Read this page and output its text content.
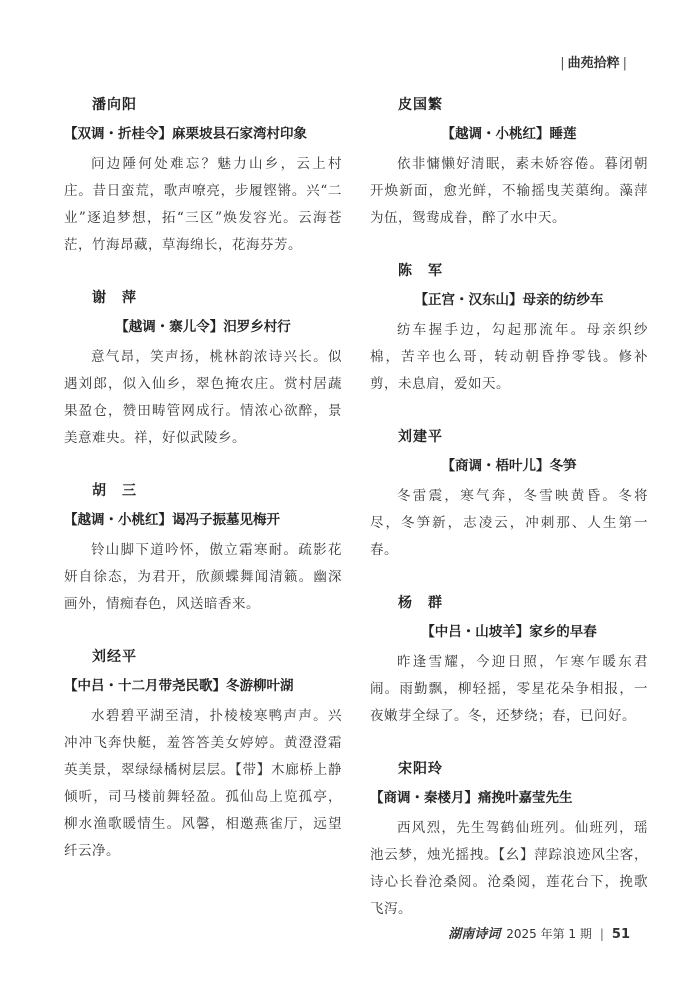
| 曲苑拾粹 |
潘向阳
【双调・折桂令】麻栗坡县石家湾村印象
问边陲何处难忘？魅力山乡，云上村庄。昔日蛮荒，歌声嘹亮，步履铿锵。兴“二业”逐追梦想，拓“三区”焕发容光。云海苍茫，竹海昂藏，草海绵长，花海芬芳。
谢　萍
【越调・寨儿令】汨罗乡村行
意气昂，笑声扬，桃林韵浓诗兴长。似遇刘郎，似入仙乡，翠色掩农庄。赏村居蔬果盈仓，赞田畴管网成行。情浓心欲醉，景美意难央。祥，好似武陵乡。
胡　三
【越调・小桃红】谒冯子振墓见梅开
铃山脚下道吟怀，傲立霜寒耐。疏影花妍自徐态，为君开，欣颜蝶舞闻清籁。幽深画外，情痴春色，风送暗香来。
刘经平
【中吕・十二月带尧民歌】冬游柳叶湖
水碧碧平湖至清，扑棱棱寒鸭声声。兴冲冲飞奔快艇，羞答答美女婷婷。黄澄澄霜英美景，翠绿绿橘树层层。【带】木廊桥上静倾听，司马楼前舞轻盈。孤仙岛上览孤亭，柳水渔歌暖情生。风馨，相邀燕雀厅，远望纤云净。
皮国繁
【越调・小桃红】睡莲
依非慵懒好清眠，素未娇容倦。暮闭朝开焕新面，愈光鲜，不输摇曳芙蕖绚。藻萍为伍，鸳鸯成眷，醉了水中天。
陈　军
【正宫・汉东山】母亲的纺纱车
纺车握手边，勾起那流年。母亲织纱棉，苦辛也么哥，转动朝昏挣零钱。修补剪，未息肩，爱如天。
刘建平
【商调・梧叶儿】冬笋
冬雷震，寒气奔，冬雪映黄昏。冬将尽，冬笋新，志凌云，冲刺那、人生第一春。
杨　群
【中吕・山坡羊】家乡的早春
昨逢雪耀，今迎日照，乍寒乍暖东君闹。雨勤飘，柳轻摇，零星花朵争相报，一夜嫩芽全绿了。冬，还梦绕；春，已问好。
宋阳玲
【商调・秦楼月】痛挽叶嘉莹先生
西风烈，先生驾鹤仙班列。仙班列，瑶池云梦，烛光摇拽。【幺】萍踪浪迹风尘客，诗心长眷沧桑阅。沧桑阅，莲花台下，挽歌飞泻。
湖南诗词 2025 年第 1 期 | 51
